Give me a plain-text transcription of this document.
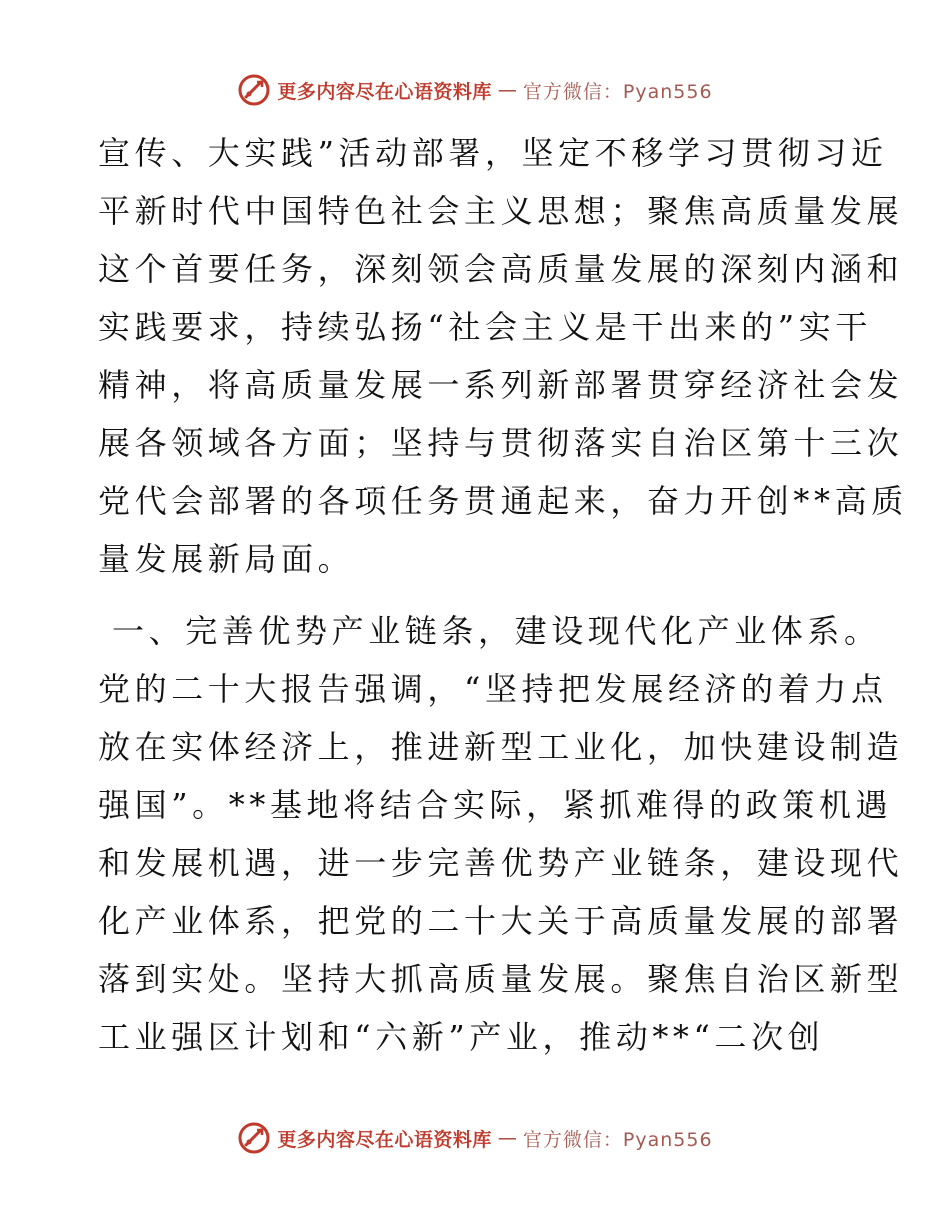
更多内容尽在心语资料库 — 官方微信：Pyan556
宣传、大实践”活动部署，坚定不移学习贯彻习近
平新时代中国特色社会主义思想；聚焦高质量发展
这个首要任务，深刻领会高质量发展的深刻内涵和
实践要求，持续弘扬“社会主义是干出来的”实干
精神，将高质量发展一系列新部署贯穿经济社会发
展各领域各方面；坚持与贯彻落实自治区第十三次
党代会部署的各项任务贯通起来，奋力开创**高质
量发展新局面。
一、完善优势产业链条，建设现代化产业体系。
党的二十大报告强调，“坚持把发展经济的着力点
放在实体经济上，推进新型工业化，加快建设制造
强国”。**基地将结合实际，紧抓难得的政策机遇
和发展机遇，进一步完善优势产业链条，建设现代
化产业体系，把党的二十大关于高质量发展的部署
落到实处。坚持大抓高质量发展。聚焦自治区新型
工业强区计划和“六新”产业，推动**“二次创
更多内容尽在心语资料库 — 官方微信：Pyan556
